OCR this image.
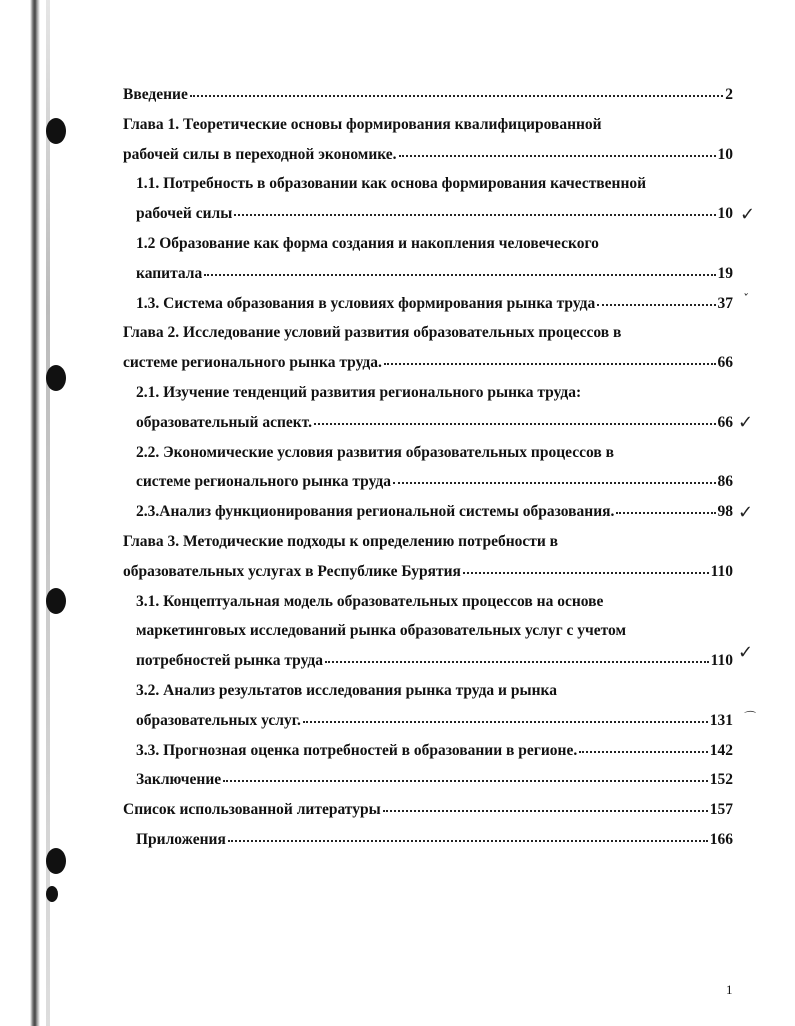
Введение	2
Глава 1. Теоретические основы формирования квалифицированной
рабочей силы в переходной экономике.	10
1.1. Потребность в образовании как основа формирования качественной
рабочей силы	10
1.2 Образование как форма создания и накопления человеческого
капитала	19
1.3. Система образования в условиях формирования рынка труда	37
Глава 2. Исследование условий развития образовательных процессов в
системе регионального рынка труда.	66
2.1. Изучение тенденций развития регионального рынка труда:
образовательный аспект.	66
2.2. Экономические условия развития образовательных процессов в
системе регионального рынка труда	86
2.3.Анализ функционирования региональной системы образования.	98
Глава 3. Методические подходы к определению потребности в
образовательных услугах в Республике Бурятия	110
3.1. Концептуальная модель образовательных процессов на основе
маркетинговых исследований рынка образовательных услуг с учетом
потребностей рынка труда	110
3.2. Анализ результатов исследования рынка труда и рынка
образовательных услуг.	131
3.3. Прогнозная оценка потребностей в образовании в регионе.	142
Заключение	152
Список использованной литературы	157
Приложения	166
✓
ˇ
✓
✓
✓
⌒
1
